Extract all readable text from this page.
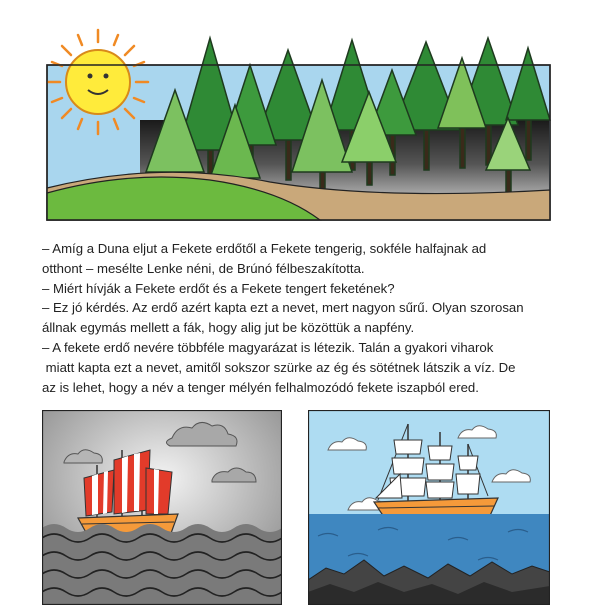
– Amíg a Duna eljut a Fekete erdőtől a Fekete tengerig, sokféle halfajnak ad

otthont – mesélte Lenke néni, de Brúnó félbeszakította.

– Miért hívják a Fekete erdőt és a Fekete tengert feketének?

– Ez jó kérdés. Az erdő azért kapta ezt a nevet, mert nagyon sűrű. Olyan szorosan

állnak egymás mellett a fák, hogy alig jut be közöttük a napfény.

– A fekete erdő nevére többféle magyarázat is létezik. Talán a gyakori viharok

miatt kapta ezt a nevet, amitől sokszor szürke az ég és sötétnek látszik a víz. De

az is lehet, hogy a név a tenger mélyén felhalmozódó fekete iszapból ered.
